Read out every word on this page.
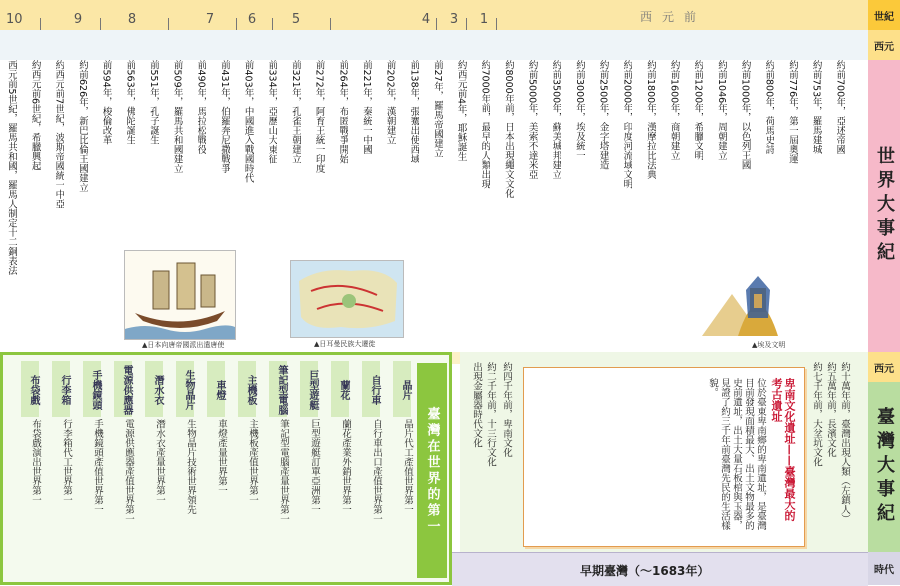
世紀
西元
世界大事紀
西元
臺灣大事紀
時代
10	9	8	7	6	5	4 3 1	西元前
西元前5世紀，羅馬共和國，羅馬人制定十二銅表法 約西元前6世紀，希臘興起 約西元前7世紀，波斯帝國統一中亞 約前626年，新巴比倫王國建立 前594年，梭倫改革 前563年，佛陀誕生 前551年，孔子誕生 前509年，羅馬共和國建立 前490年，馬拉松戰役 前431年，伯羅奔尼撒戰爭 前403年，中國進入戰國時代 前334年，亞歷山大東征 前321年，孔雀王朝建立 前272年，阿育王統一印度 前264年，布匿戰爭開始 前221年，秦統一中國 前202年，漢朝建立 前138年，張騫出使西域 前27年，羅馬帝國建立 約西元前4年，耶穌誕生 約7000年前，最早的人類出現 約8000年前，日本出現繩文文化 約前5000年，美索不達米亞 約前3500年，蘇美城邦建立 約前3000年，埃及統一 約前2500年，金字塔建造 約前2000年，印度河流域文明 約前1800年，漢摩拉比法典 約前1600年，商朝建立 約前1200年，希臘文明 約前1046年，周朝建立 約前1000年，以色列王國 約前800年，荷馬史詩 約前776年，第一屆奧運 約前753年，羅馬建城 約前700年，亞述帝國
▲日本向唐帝國派出遣唐使	▲日耳曼民族大遷徙	▲埃及文明
約十萬年前，臺灣出現人類（左鎮人）
約五萬年前，長濱文化
約七千年前，大坌坑文化
約四千年前，卑南文化
約二千年前，十三行文化
出現金屬器時代文化	卑南文化遺址——臺灣最大的考古遺址
位於臺東卑南鄉的卑南遺址，是臺灣目前發現面積最大、出土文物最多的史前遺址，出土大量石板棺與玉器，見證了約三千年前臺灣先民的生活樣貌。
臺灣在世界的第一
晶片
晶片代工產值世界第一
自行車
自行車出口產值世界第一
蘭花
蘭花產業外銷世界第一
巨型遊艇
巨型遊艇訂單亞洲第一
筆記型電腦
筆記型電腦產量世界第一
主機板
主機板產值世界第一
車燈
車燈產量世界第一
生物晶片
生物晶片技術世界領先
潛水衣
潛水衣產量世界第一
電源供應器
電源供應器產值世界第一
手機鏡頭
手機鏡頭產值世界第一
行李箱
行李箱代工世界第一
布袋戲
布袋戲演出世界第一
早期臺灣（～1683年）
